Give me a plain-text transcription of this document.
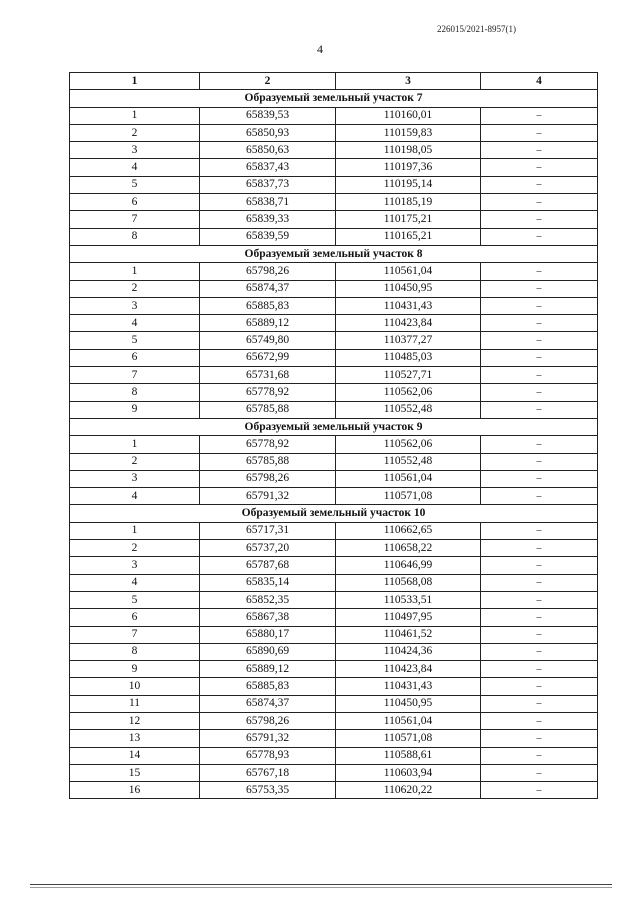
226015/2021-8957(1)
4
1	2	3	4
Образуемый земельный участок 7			
1	65839,53	110160,01	–
2	65850,93	110159,83	–
3	65850,63	110198,05	–
4	65837,43	110197,36	–
5	65837,73	110195,14	–
6	65838,71	110185,19	–
7	65839,33	110175,21	–
8	65839,59	110165,21	–
Образуемый земельный участок 8			
1	65798,26	110561,04	–
2	65874,37	110450,95	–
3	65885,83	110431,43	–
4	65889,12	110423,84	–
5	65749,80	110377,27	–
6	65672,99	110485,03	–
7	65731,68	110527,71	–
8	65778,92	110562,06	–
9	65785,88	110552,48	–
Образуемый земельный участок 9			
1	65778,92	110562,06	–
2	65785,88	110552,48	–
3	65798,26	110561,04	–
4	65791,32	110571,08	–
Образуемый земельный участок 10			
1	65717,31	110662,65	–
2	65737,20	110658,22	–
3	65787,68	110646,99	–
4	65835,14	110568,08	–
5	65852,35	110533,51	–
6	65867,38	110497,95	–
7	65880,17	110461,52	–
8	65890,69	110424,36	–
9	65889,12	110423,84	–
10	65885,83	110431,43	–
11	65874,37	110450,95	–
12	65798,26	110561,04	–
13	65791,32	110571,08	–
14	65778,93	110588,61	–
15	65767,18	110603,94	–
16	65753,35	110620,22	–
